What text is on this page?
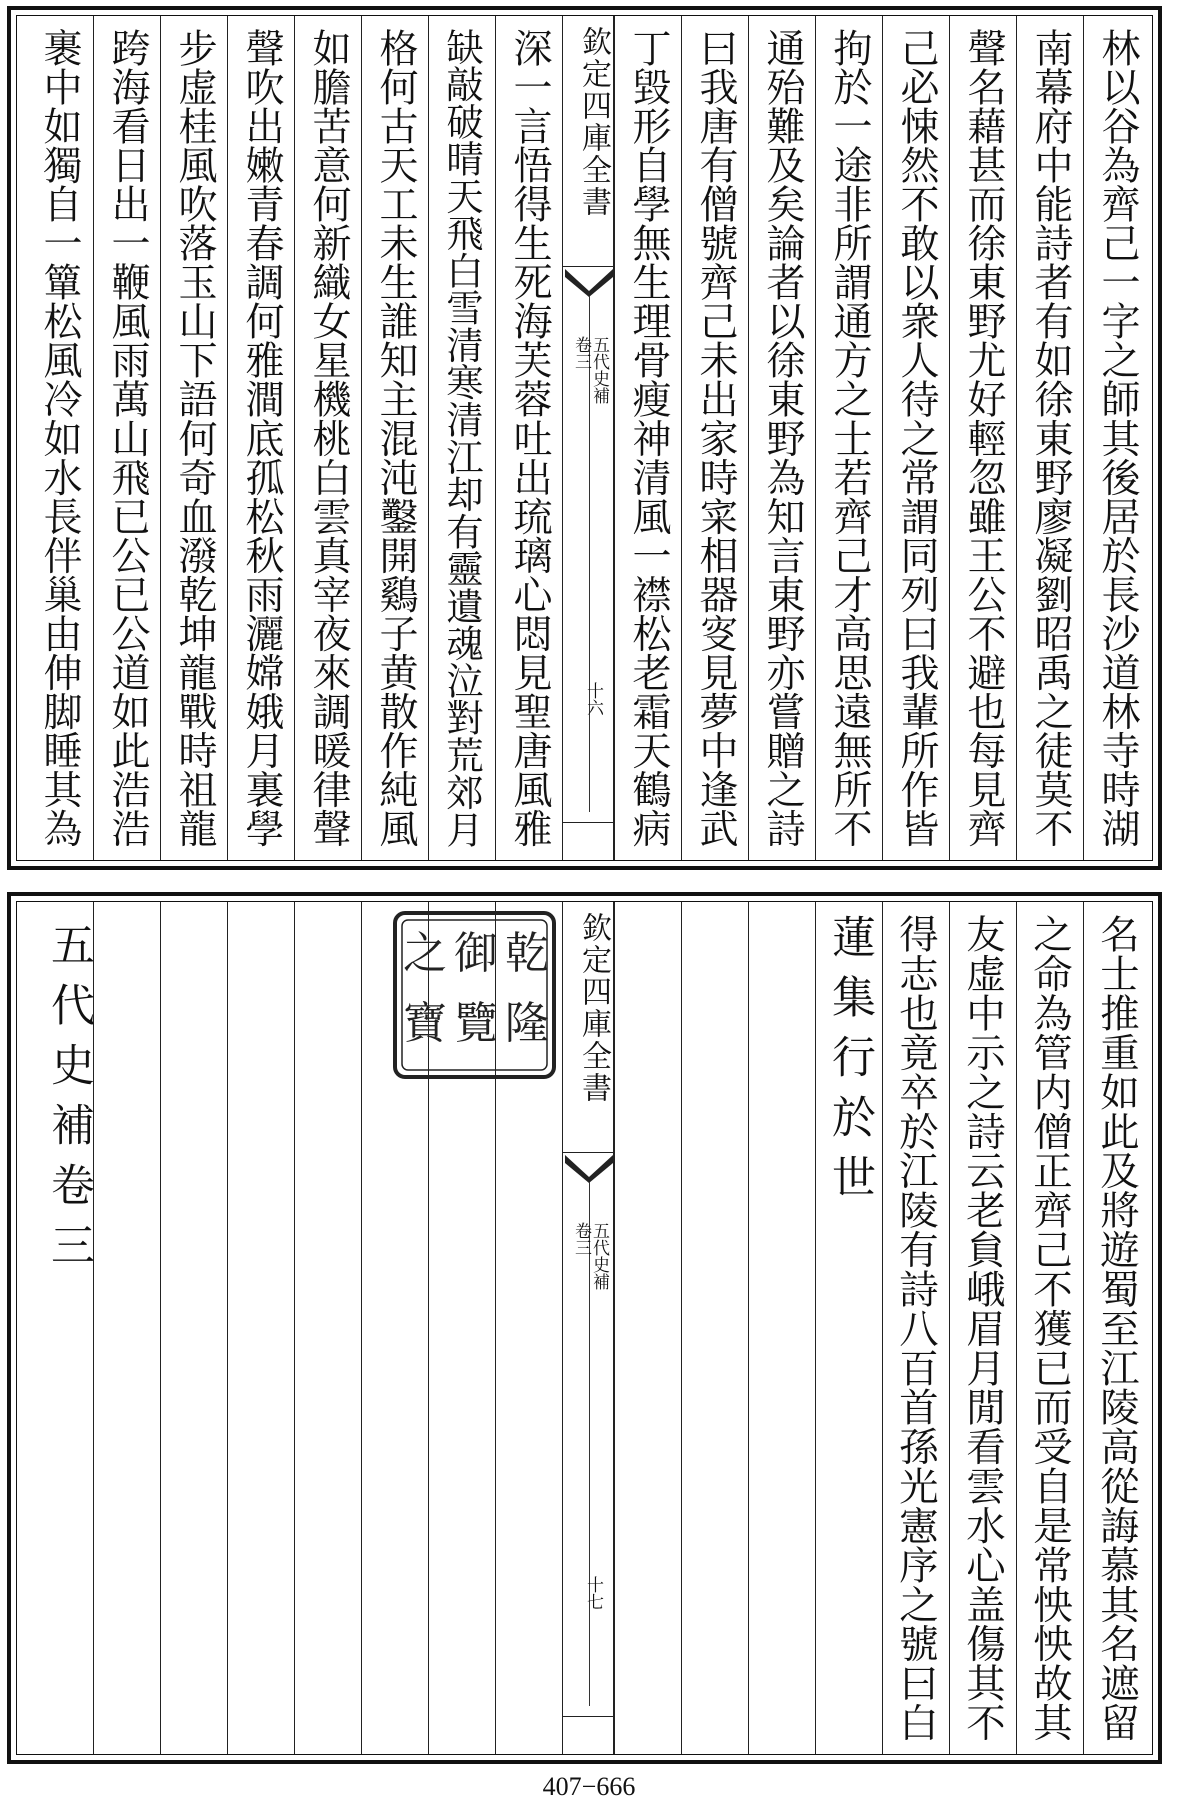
林以谷為齊己一字之師其後居於長沙道林寺時湖
南幕府中能詩者有如徐東野廖凝劉昭禹之徒莫不
聲名藉甚而徐東野尤好輕忽雖王公不避也每見齊
己必悚然不敢以衆人待之常謂同列曰我輩所作皆
拘於一途非所謂通方之士若齊己才高思遠無所不
通殆難及矣論者以徐東野為知言東野亦嘗贈之詩
曰我唐有僧號齊己未出家時寀相器叜見夢中逢武
丁毀形自學無生理骨瘦神清風一襟松老霜天鶴病
欽定四庫全書
五代史補
卷三
十六
深一言悟得生死海芙蓉吐出琉璃心悶見聖唐風雅
缺敲破晴天飛白雪清寒清江却有靈遺魂泣對荒郊月
格何古天工未生誰知主混沌鑿開鷄子黄散作純風
如膽苦意何新織女星機桃白雲真宰夜來調暖律聲
聲吹出嫩青春調何雅澗底孤松秋雨灑嫦娥月裏學
步虚桂風吹落玉山下語何奇血潑乾坤龍戰時祖龍
跨海看日出一鞭風雨萬山飛已公已公道如此浩浩
裹中如獨自一簞松風冷如水長伴巢由伸脚睡其為
名士推重如此及將遊蜀至江陵高從誨慕其名遮留
之命為管内僧正齊己不獲已而受自是常怏怏故其
友虚中示之詩云老貟峨眉月閒看雲水心盖傷其不
得志也竟卒於江陵有詩八百首孫光憲序之號曰白
蓮集行於世
欽定四庫全書
五代史補
卷三
十七
五代史補卷三	乾
隆
御
覽
之
寶
407−666
